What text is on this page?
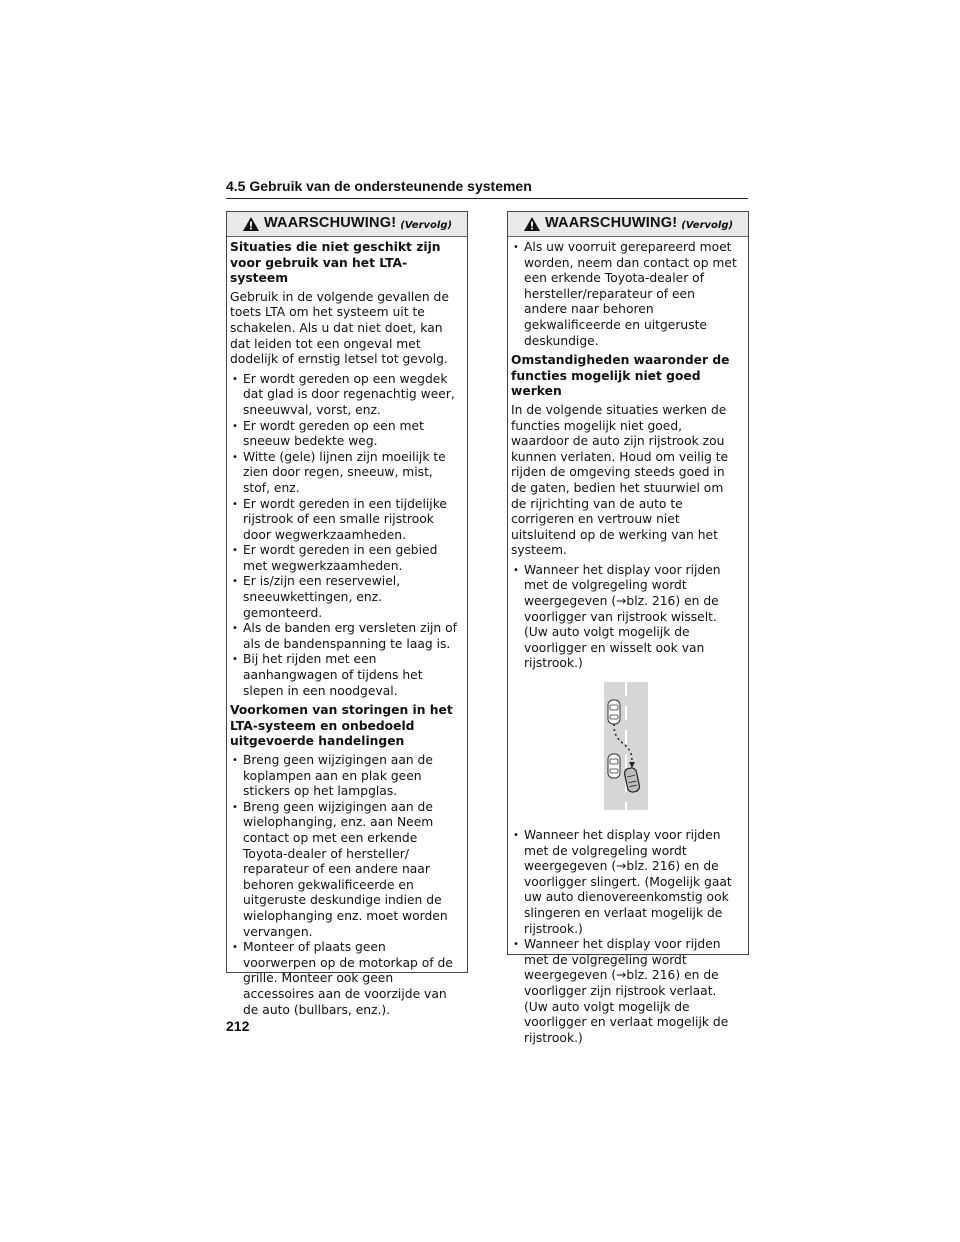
4.5 Gebruik van de ondersteunende systemen
WAARSCHUWING! (Vervolg)

Situaties die niet geschikt zijn voor gebruik van het LTA-systeem

Gebruik in de volgende gevallen de toets LTA om het systeem uit te schakelen. Als u dat niet doet, kan dat leiden tot een ongeval met dodelijk of ernstig letsel tot gevolg.

• Er wordt gereden op een wegdek dat glad is door regenachtig weer, sneeuwval, vorst, enz.
• Er wordt gereden op een met sneeuw bedekte weg.
• Witte (gele) lijnen zijn moeilijk te zien door regen, sneeuw, mist, stof, enz.
• Er wordt gereden in een tijdelijke rijstrook of een smalle rijstrook door wegwerkzaamheden.
• Er wordt gereden in een gebied met wegwerkzaamheden.
• Er is/zijn een reservewiel, sneeuwkettingen, enz. gemonteerd.
• Als de banden erg versleten zijn of als de bandenspanning te laag is.
• Bij het rijden met een aanhangwagen of tijdens het slepen in een noodgeval.

Voorkomen van storingen in het LTA-systeem en onbedoeld uitgevoerde handelingen

• Breng geen wijzigingen aan de koplampen aan en plak geen stickers op het lampglas.
• Breng geen wijzigingen aan de wielophanging, enz. aan Neem contact op met een erkende Toyota-dealer of hersteller/ reparateur of een andere naar behoren gekwalificeerde en uitgeruste deskundige indien de wielophanging enz. moet worden vervangen.
• Monteer of plaats geen voorwerpen op de motorkap of de grille. Monteer ook geen accessoires aan de voorzijde van de auto (bullbars, enz.).
WAARSCHUWING! (Vervolg)
• Als uw voorruit gerepareerd moet worden, neem dan contact op met een erkende Toyota-dealer of hersteller/reparateur of een andere naar behoren gekwalificeerde en uitgeruste deskundige.

Omstandigheden waaronder de functies mogelijk niet goed werken

In de volgende situaties werken de functies mogelijk niet goed, waardoor de auto zijn rijstrook zou kunnen verlaten. Houd om veilig te rijden de omgeving steeds goed in de gaten, bedien het stuurwiel om de rijrichting van de auto te corrigeren en vertrouw niet uitsluitend op de werking van het systeem.

• Wanneer het display voor rijden met de volgregeling wordt weergegeven (→blz. 216) en de voorligger van rijstrook wisselt. (Uw auto volgt mogelijk de voorligger en wisselt ook van rijstrook.)
• Wanneer het display voor rijden met de volgregeling wordt weergegeven (→blz. 216) en de voorligger slingert. (Mogelijk gaat uw auto dienovereenkomstig ook slingeren en verlaat mogelijk de rijstrook.)
• Wanneer het display voor rijden met de volgregeling wordt weergegeven (→blz. 216) en de voorligger zijn rijstrook verlaat. (Uw auto volgt mogelijk de voorligger en verlaat mogelijk de rijstrook.)
212
